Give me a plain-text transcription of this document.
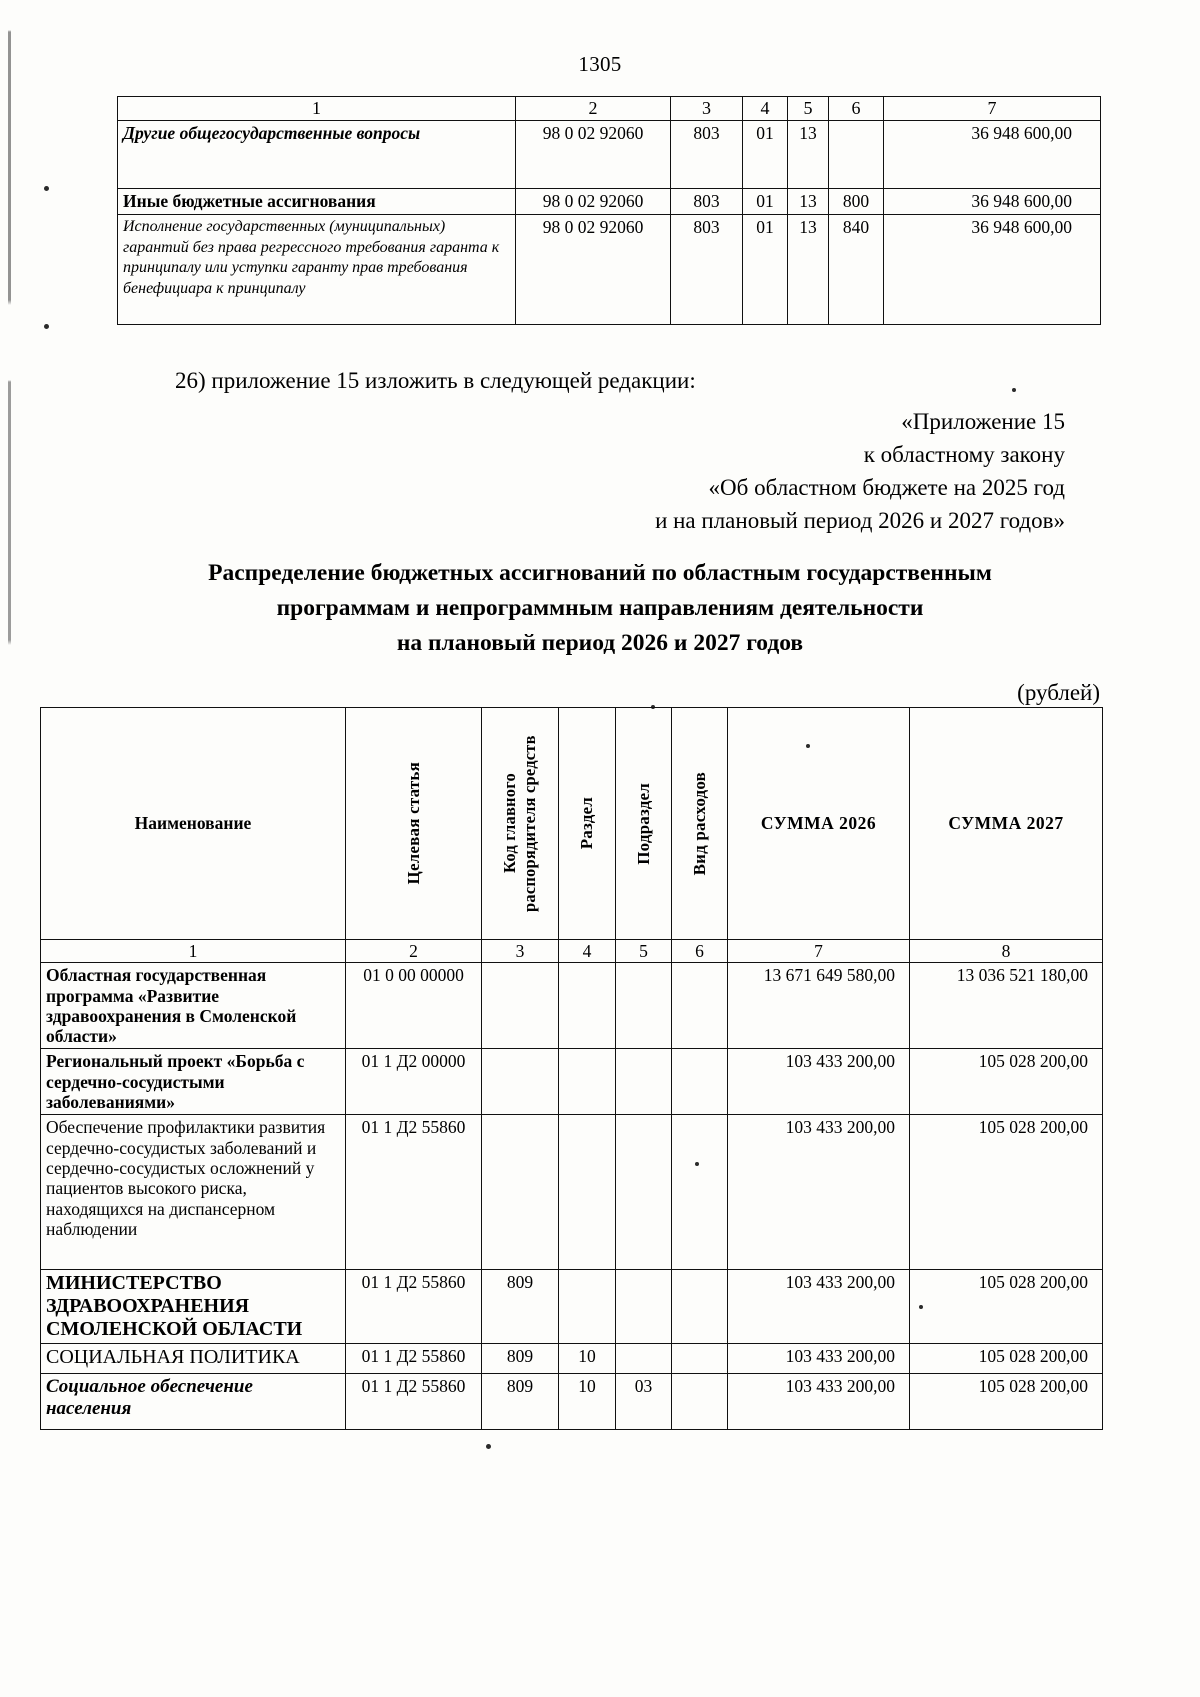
1305
1	2	3	4	5	6	7
Другие общегосударственные вопросы	98 0 02 92060	803	01	13		36 948 600,00
Иные бюджетные ассигнования	98 0 02 92060	803	01	13	800	36 948 600,00
Исполнение государственных (муниципальных) гарантий без права регрессного требования гаранта к принципалу или уступки гаранту прав требования бенефициара к принципалу	98 0 02 92060	803	01	13	840	36 948 600,00
26) приложение 15 изложить в следующей редакции:
«Приложение 15
к областному закону
«Об областном бюджете на 2025 год
и на плановый период 2026 и 2027 годов»
Распределение бюджетных ассигнований по областным государственным
программам и непрограммным направлениям деятельности
на плановый период 2026 и 2027 годов
(рублей)
Наименование	Целевая статья	Код главного распорядителя средств	Раздел	Подраздел	Вид расходов	СУММА 2026	СУММА 2027
1	2	3	4	5	6	7	8
Областная государственная программа «Развитие здравоохранения в Смоленской области»	01 0 00 00000					13 671 649 580,00	13 036 521 180,00
Региональный проект «Борьба с сердечно-сосудистыми заболеваниями»	01 1 Д2 00000					103 433 200,00	105 028 200,00
Обеспечение профилактики развития сердечно-сосудистых заболеваний и сердечно-сосудистых осложнений у пациентов высокого риска, находящихся на диспансерном наблюдении	01 1 Д2 55860					103 433 200,00	105 028 200,00
МИНИСТЕРСТВО ЗДРАВООХРАНЕНИЯ СМОЛЕНСКОЙ ОБЛАСТИ	01 1 Д2 55860	809				103 433 200,00	105 028 200,00
СОЦИАЛЬНАЯ ПОЛИТИКА	01 1 Д2 55860	809	10			103 433 200,00	105 028 200,00
Социальное обеспечение населения	01 1 Д2 55860	809	10	03		103 433 200,00	105 028 200,00
